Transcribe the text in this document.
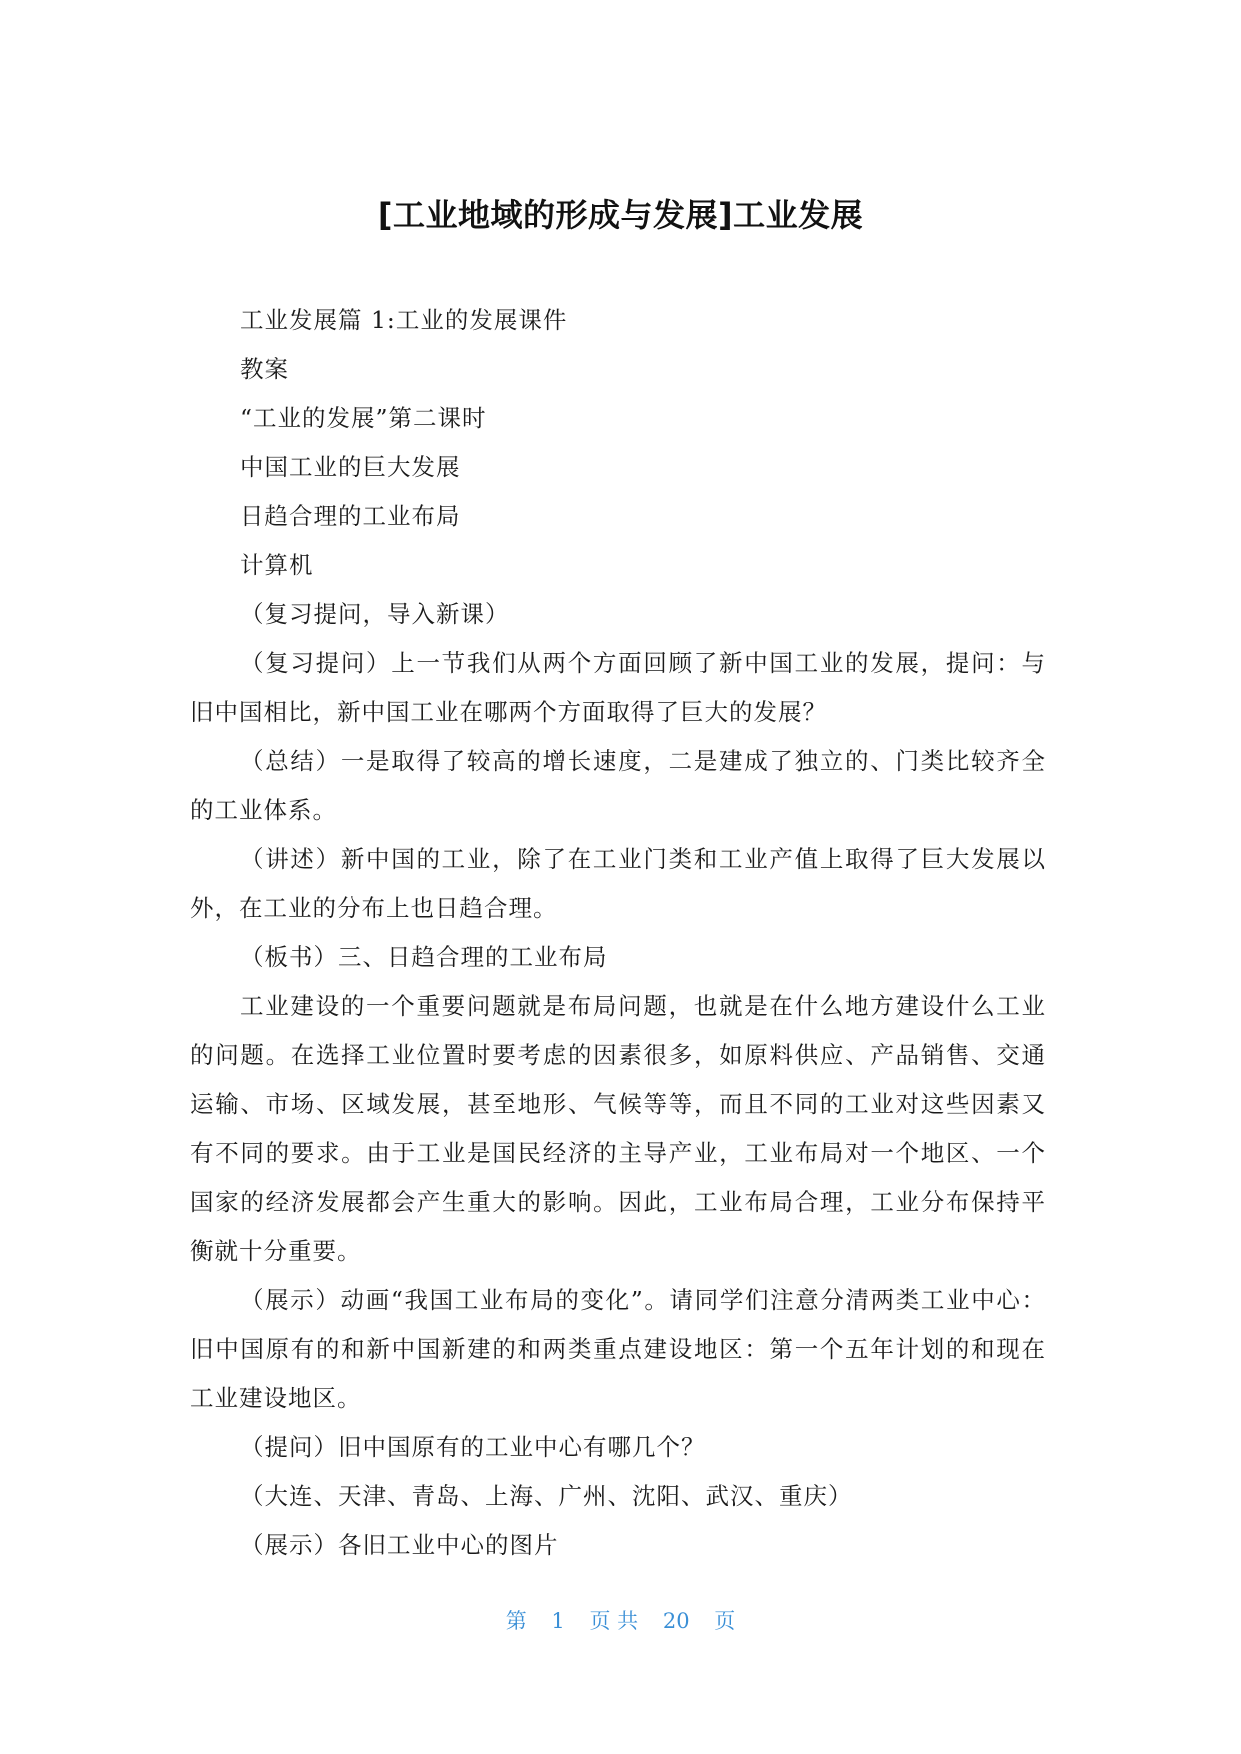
[工业地域的形成与发展]工业发展

工业发展篇 1:工业的发展课件

教案

“工业的发展”第二课时

中国工业的巨大发展

日趋合理的工业布局

计算机

（复习提问，导入新课）

（复习提问）上一节我们从两个方面回顾了新中国工业的发展，提问：与旧中国相比，新中国工业在哪两个方面取得了巨大的发展？

（总结）一是取得了较高的增长速度，二是建成了独立的、门类比较齐全的工业体系。

（讲述）新中国的工业，除了在工业门类和工业产值上取得了巨大发展以外，在工业的分布上也日趋合理。

（板书）三、日趋合理的工业布局

工业建设的一个重要问题就是布局问题，也就是在什么地方建设什么工业的问题。在选择工业位置时要考虑的因素很多，如原料供应、产品销售、交通运输、市场、区域发展，甚至地形、气候等等，而且不同的工业对这些因素又有不同的要求。由于工业是国民经济的主导产业，工业布局对一个地区、一个国家的经济发展都会产生重大的影响。因此，工业布局合理，工业分布保持平衡就十分重要。

（展示）动画“我国工业布局的变化”。请同学们注意分清两类工业中心：旧中国原有的和新中国新建的和两类重点建设地区：第一个五年计划的和现在工业建设地区。

（提问）旧中国原有的工业中心有哪几个？

（大连、天津、青岛、上海、广州、沈阳、武汉、重庆）

（展示）各旧工业中心的图片

第 1 页 共 20 页
